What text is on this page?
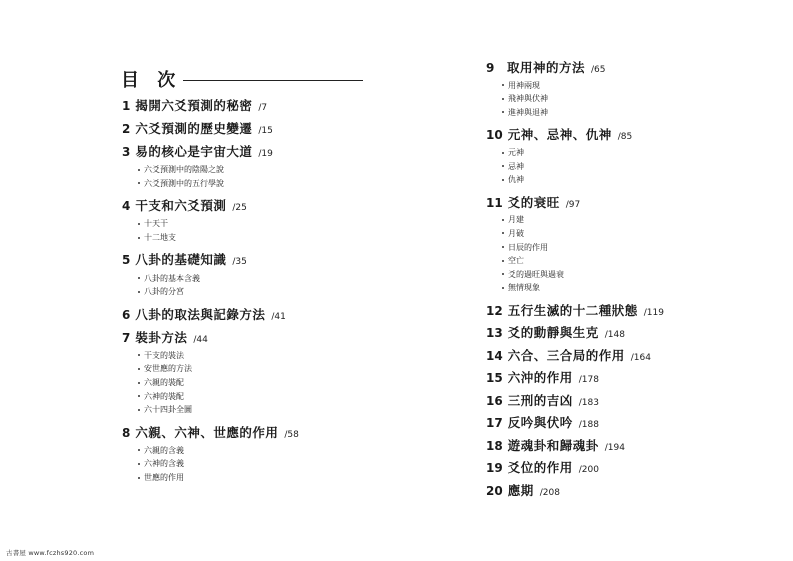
目 次
1 揭開六爻預測的秘密 /7
2 六爻預測的歷史變遷 /15
3 易的核心是宇宙大道 /19
六爻預測中的陰陽之說
六爻預測中的五行學說
4 干支和六爻預測 /25
十天干
十二地支
5 八卦的基礎知識 /35
八卦的基本含義
八卦的分宮
6 八卦的取法與記錄方法 /41
7 裝卦方法 /44
干支的裝法
安世應的方法
六親的裝配
六神的裝配
六十四卦全圖
8 六親、六神、世應的作用 /58
六親的含義
六神的含義
世應的作用
9	取用神的方法 /65
用神兩現
飛神與伏神
進神與退神
10 元神、忌神、仇神 /85
元神
忌神
仇神
11 爻的衰旺 /97
月建
月破
日辰的作用
空亡
爻的過旺與過衰
無情現象
12 五行生滅的十二種狀態 /119
13 爻的動靜與生克 /148
14 六合、三合局的作用 /164
15 六沖的作用 /178
16 三刑的吉凶 /183
17 反吟與伏吟 /188
18 遊魂卦和歸魂卦 /194
19 爻位的作用 /200
20 應期 /208
古書屋 www.fczhs920.com
